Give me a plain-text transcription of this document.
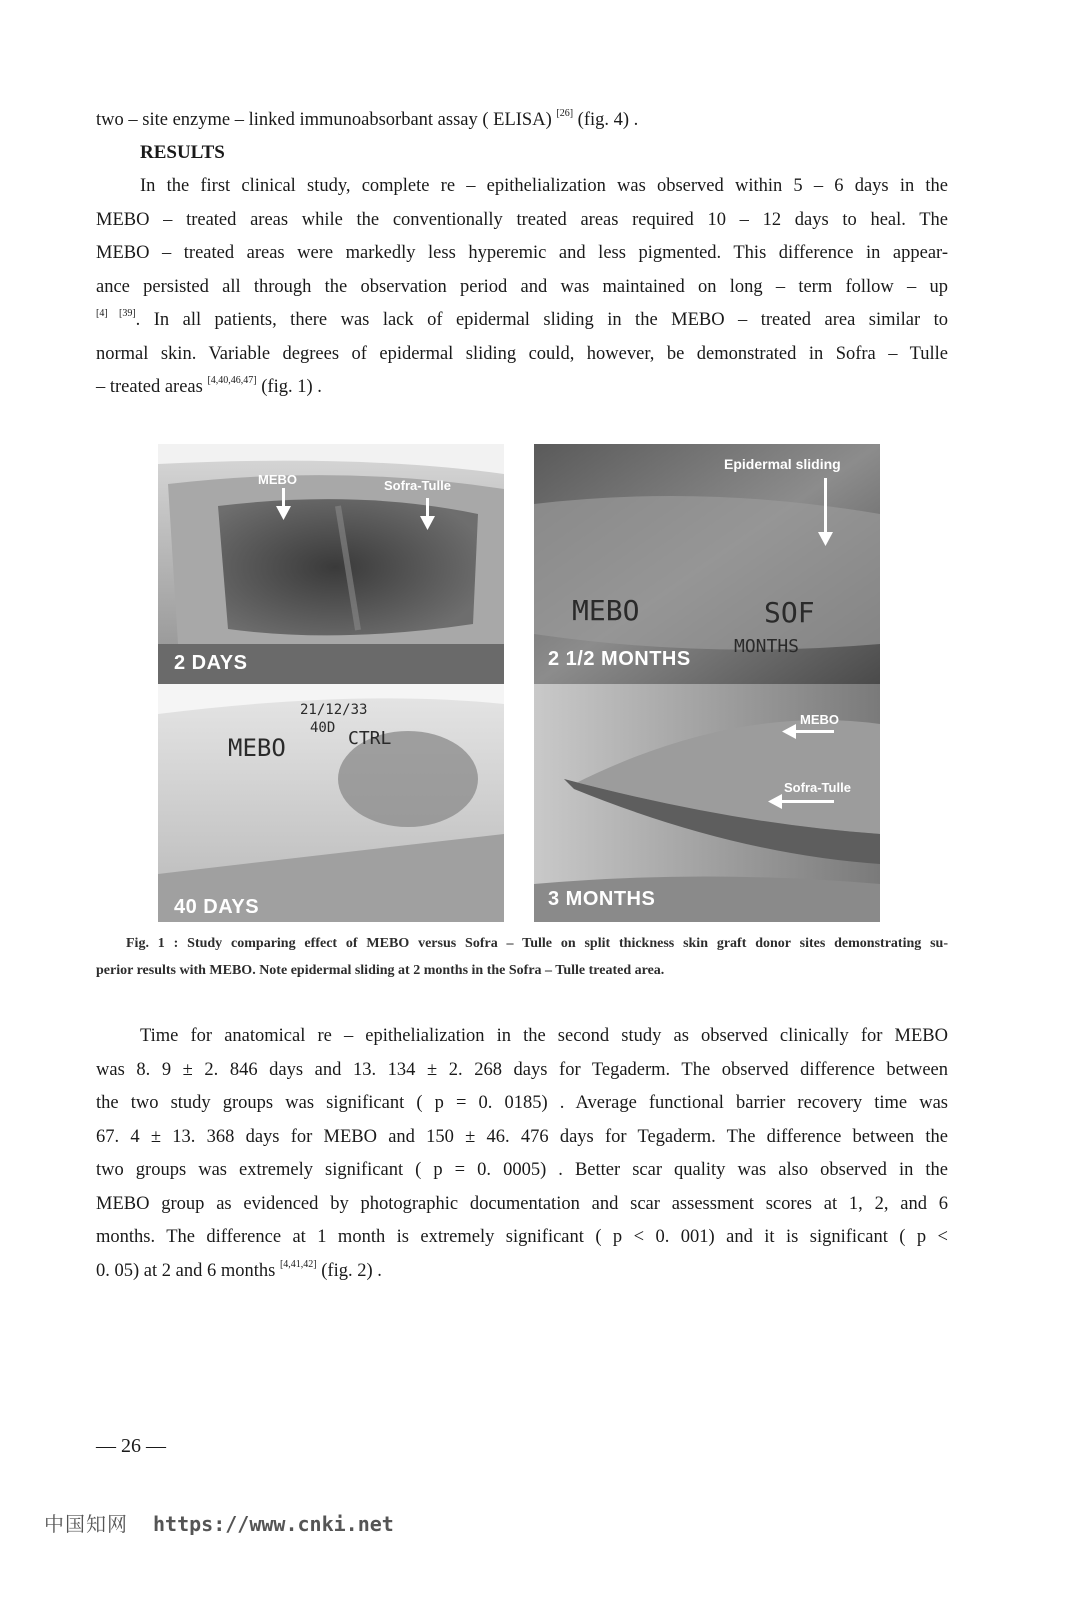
two – site enzyme – linked immunoabsorbant assay ( ELISA) [26] (fig. 4) .

RESULTS

In the first clinical study, complete re – epithelialization was observed within 5 – 6 days in the
MEBO – treated areas while the conventionally treated areas required 10 – 12 days to heal. The
MEBO – treated areas were markedly less hyperemic and less pigmented. This difference in appear-
ance persisted all through the observation period and was maintained on long – term follow – up
[4] [39]. In all patients, there was lack of epidermal sliding in the MEBO – treated area similar to
normal skin. Variable degrees of epidermal sliding could, however, be demonstrated in Sofra – Tulle
– treated areas [4,40,46,47] (fig. 1) .

MEBO	Sofra-Tulle
2 DAYS
Epidermal sliding
MEBO	SOF
MONTHS
2 1/2 MONTHS
MEBO	CTRL
40D
21/12/33
40 DAYS
MEBO
Sofra-Tulle
3 MONTHS

Fig. 1 : Study comparing effect of MEBO versus Sofra – Tulle on split thickness skin graft donor sites demonstrating su-
perior results with MEBO. Note epidermal sliding at 2 months in the Sofra – Tulle treated area.

Time for anatomical re – epithelialization in the second study as observed clinically for MEBO
was 8. 9 ± 2. 846 days and 13. 134 ± 2. 268 days for Tegaderm. The observed difference between
the two study groups was significant ( p = 0. 0185) . Average functional barrier recovery time was
67. 4 ± 13. 368 days for MEBO and 150 ± 46. 476 days for Tegaderm. The difference between the
two groups was extremely significant ( p = 0. 0005) . Better scar quality was also observed in the
MEBO group as evidenced by photographic documentation and scar assessment scores at 1, 2, and 6
months. The difference at 1 month is extremely significant ( p < 0. 001) and it is significant ( p <
0. 05) at 2 and 6 months [4,41,42] (fig. 2) .

— 26 —
中国知网 https://www.cnki.net
